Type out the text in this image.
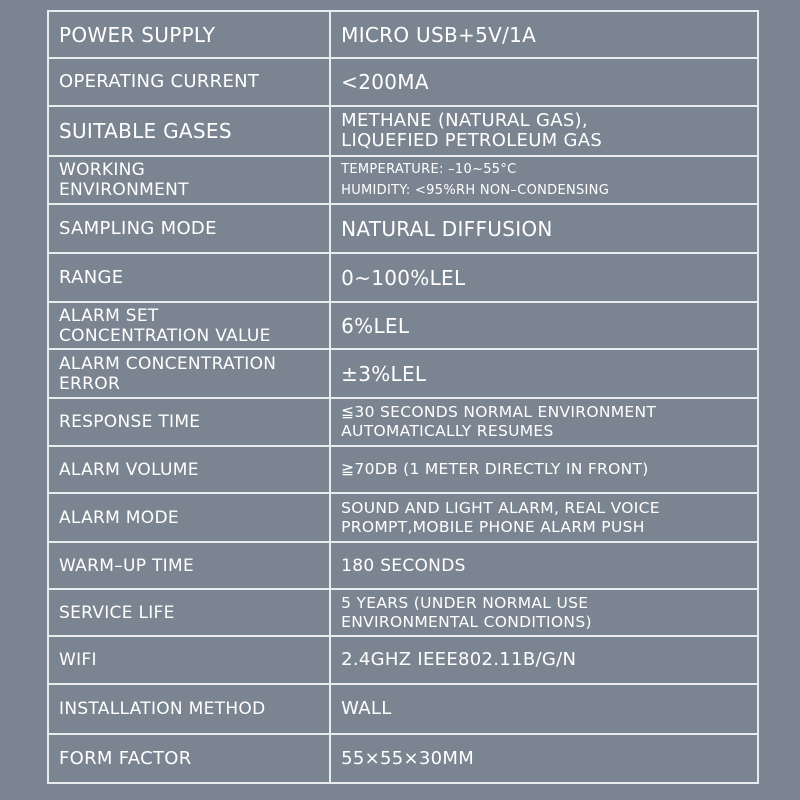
POWER SUPPLY	MICRO USB+5V/1A

OPERATING CURRENT	<200MA

SUITABLE GASES	METHANE (NATURAL GAS),
LIQUEFIED PETROLEUM GAS

WORKING
ENVIRONMENT	TEMPERATURE: –10~55°C
HUMIDITY: <95%RH NON–CONDENSING

SAMPLING MODE	NATURAL DIFFUSION

RANGE	0~100%LEL

ALARM SET
CONCENTRATION VALUE	6%LEL

ALARM CONCENTRATION
ERROR	±3%LEL

RESPONSE TIME	≦30 SECONDS NORMAL ENVIRONMENT
AUTOMATICALLY RESUMES

ALARM VOLUME	≧70DB (1 METER DIRECTLY IN FRONT)

ALARM MODE	SOUND AND LIGHT ALARM, REAL VOICE
PROMPT,MOBILE PHONE ALARM PUSH

WARM–UP TIME	180 SECONDS

SERVICE LIFE	5 YEARS (UNDER NORMAL USE
ENVIRONMENTAL CONDITIONS)

WIFI	2.4GHZ IEEE802.11B/G/N

INSTALLATION METHOD	WALL

FORM FACTOR	55×55×30MM
